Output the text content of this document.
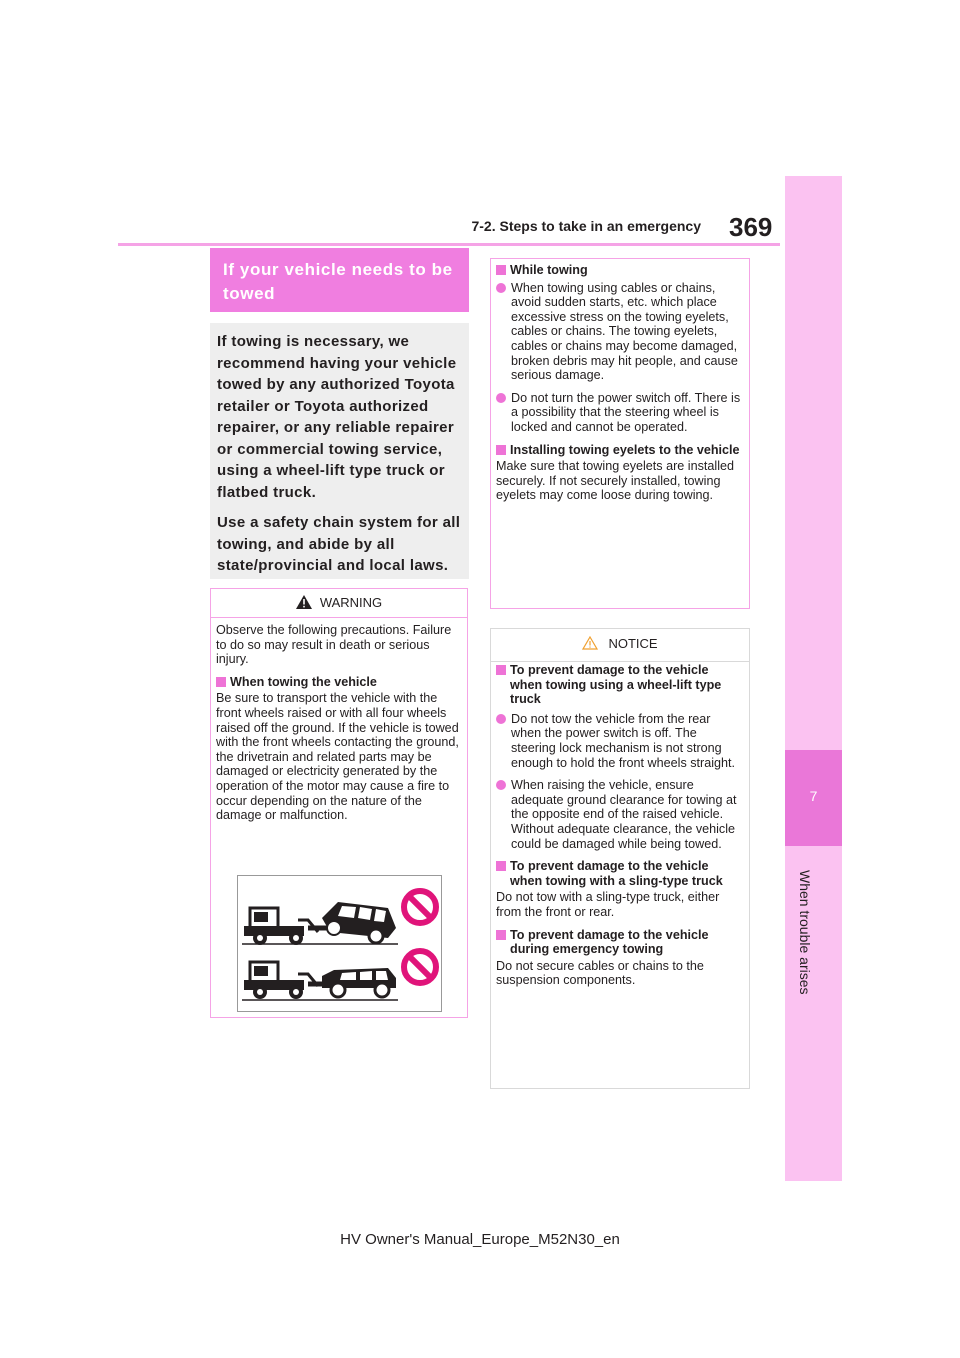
7-2. Steps to take in an emergency 369
7
When trouble arises
If your vehicle needs to be towed

If towing is necessary, we recommend having your vehicle towed by any authorized Toyota retailer or Toyota authorized repairer, or any reliable repairer or commercial towing service, using a wheel-lift type truck or flatbed truck.

Use a safety chain system for all towing, and abide by all state/provincial and local laws.

WARNING

Observe the following precautions. Failure to do so may result in death or serious injury.

When towing the vehicle

Be sure to transport the vehicle with the front wheels raised or with all four wheels raised off the ground. If the vehicle is towed with the front wheels contacting the ground, the drivetrain and related parts may be damaged or electricity generated by the operation of the motor may cause a fire to occur depending on the nature of the damage or malfunction.

While towing
When towing using cables or chains, avoid sudden starts, etc. which place excessive stress on the towing eyelets, cables or chains. The towing eyelets, cables or chains may become damaged, broken debris may hit people, and cause serious damage.
Do not turn the power switch off. There is a possibility that the steering wheel is locked and cannot be operated.
Installing towing eyelets to the vehicle

Make sure that towing eyelets are installed securely. If not securely installed, towing eyelets may come loose during towing.

NOTICE
To prevent damage to the vehicle when towing using a wheel-lift type truck
Do not tow the vehicle from the rear when the power switch is off. The steering lock mechanism is not strong enough to hold the front wheels straight.
When raising the vehicle, ensure adequate ground clearance for towing at the opposite end of the raised vehicle. Without adequate clearance, the vehicle could be damaged while being towed.
To prevent damage to the vehicle when towing with a sling-type truck

Do not tow with a sling-type truck, either from the front or rear.

To prevent damage to the vehicle during emergency towing

Do not secure cables or chains to the suspension components.

HV Owner's Manual_Europe_M52N30_en
